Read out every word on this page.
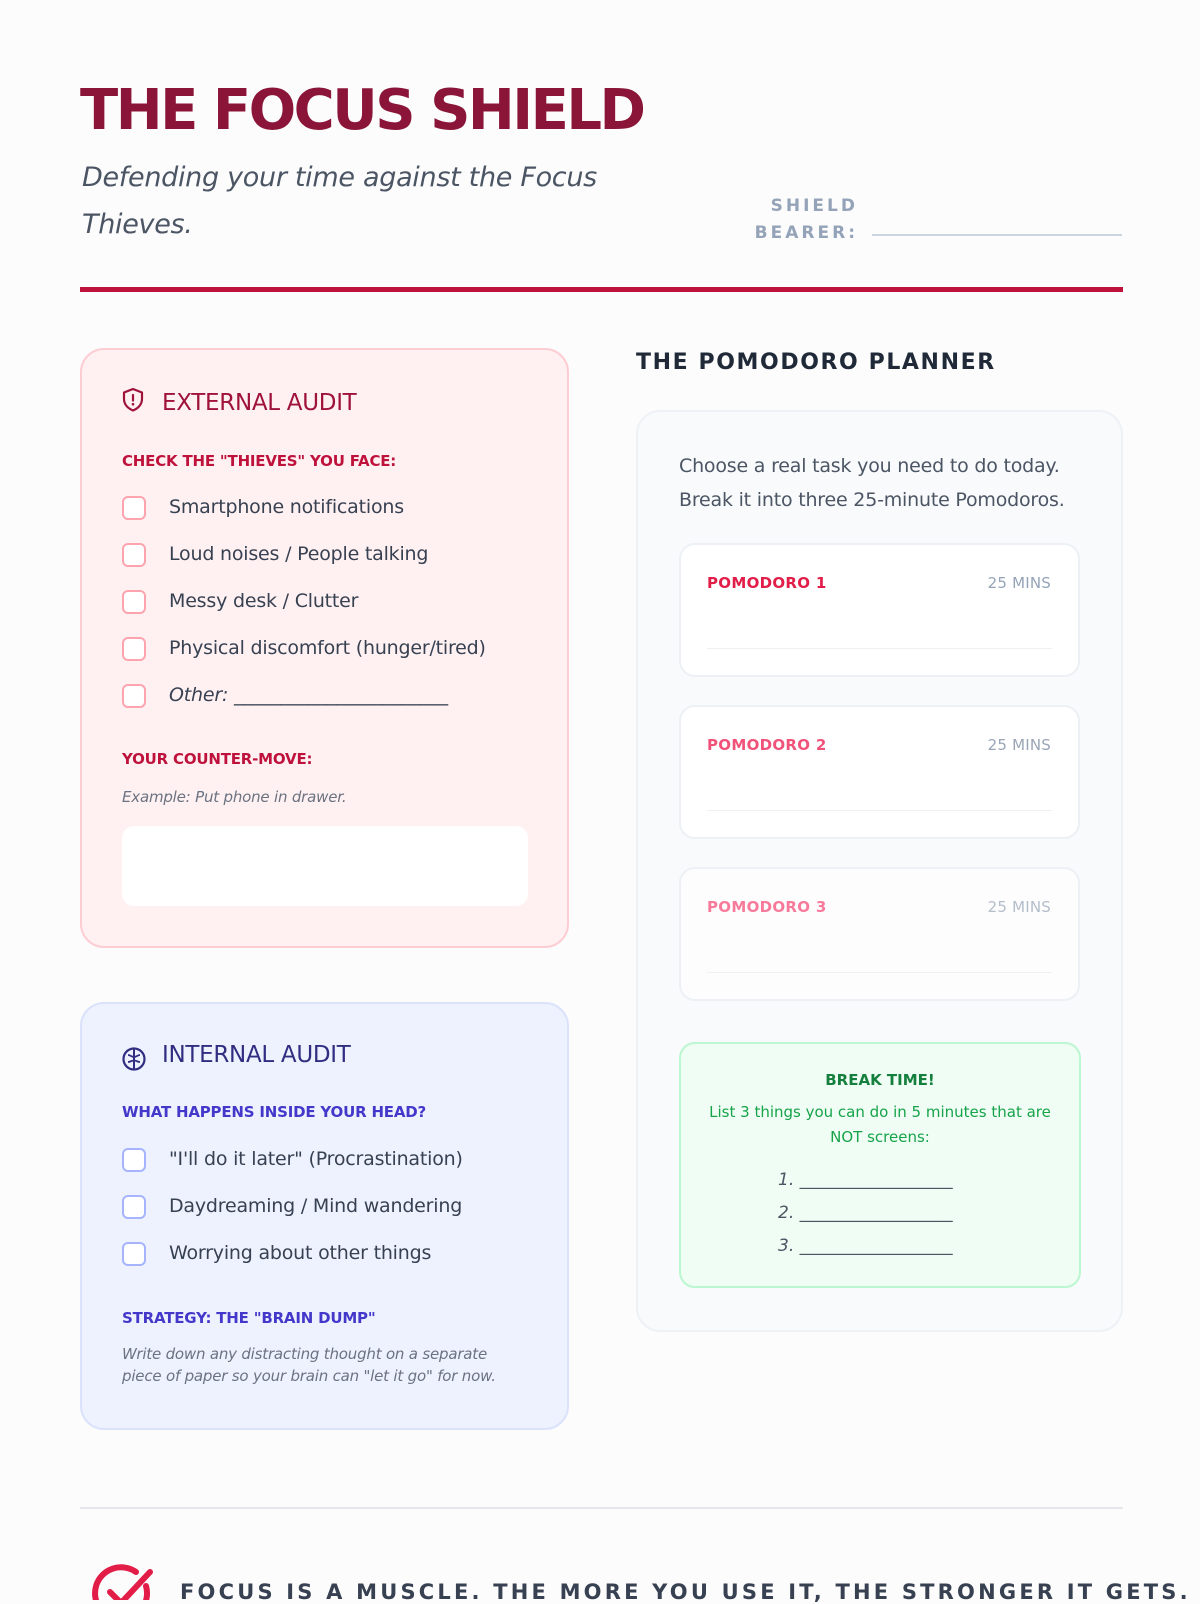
THE FOCUS SHIELD

Defending your time against the Focus Thieves.

SHIELD BEARER:
EXTERNAL AUDIT
CHECK THE "THIEVES" YOU FACE:
Smartphone notifications
Loud noises / People talking
Messy desk / Clutter
Physical discomfort (hunger/tired)
Other: _______________________
YOUR COUNTER-MOVE:
Example: Put phone in drawer.
INTERNAL AUDIT
WHAT HAPPENS INSIDE YOUR HEAD?
"I'll do it later" (Procrastination)
Daydreaming / Mind wandering
Worrying about other things
STRATEGY: THE "BRAIN DUMP"
Write down any distracting thought on a separate piece of paper so your brain can "let it go" for now.
THE POMODORO PLANNER
Choose a real task you need to do today. Break it into three 25-minute Pomodoros.
POMODORO 1	25 MINS
POMODORO 2	25 MINS
POMODORO 3	25 MINS
BREAK TIME!
List 3 things you can do in 5 minutes that are NOT screens:
1. __________________
2. __________________
3. __________________
FOCUS IS A MUSCLE. THE MORE YOU USE IT, THE STRONGER IT GETS.
